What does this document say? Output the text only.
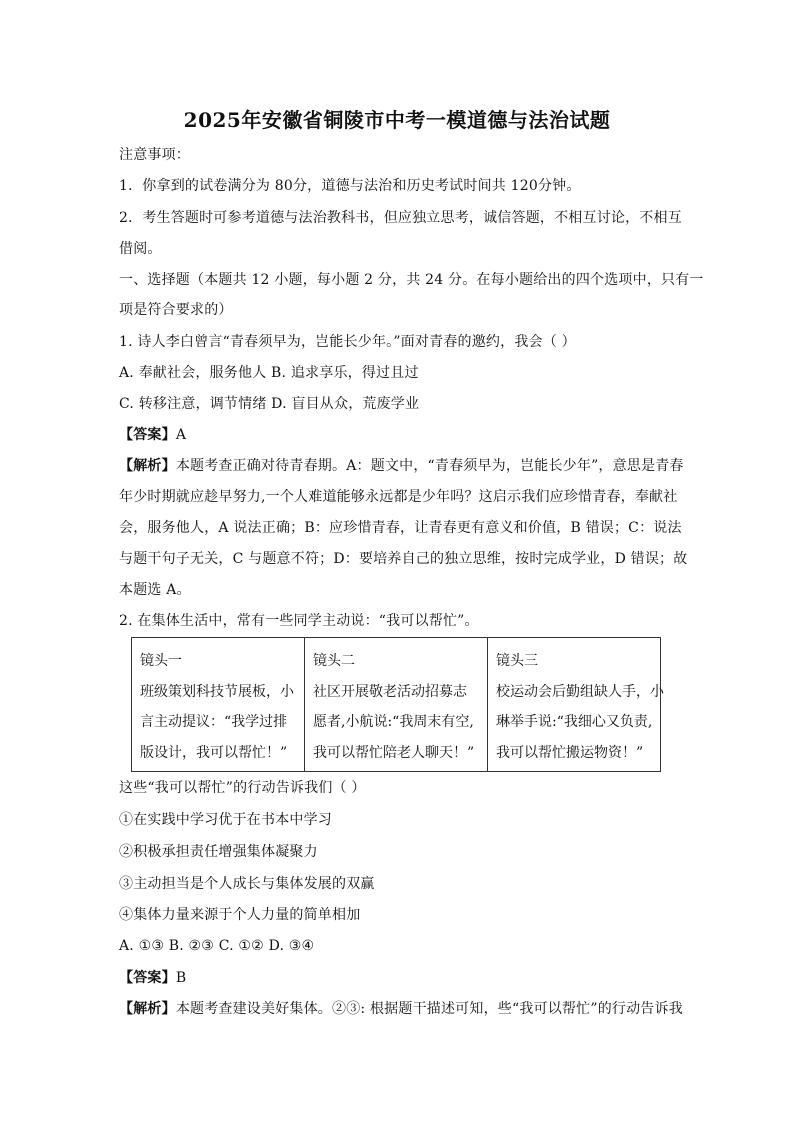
2025年安徽省铜陵市中考一模道德与法治试题
注意事项：
1．你拿到的试卷满分为 80分，道德与法治和历史考试时间共 120分钟。
2．考生答题时可参考道德与法治教科书，但应独立思考，诚信答题，不相互讨论，不相互
借阅。
一、选择题（本题共 12 小题，每小题 2 分，共 24 分。在每小题给出的四个选项中，只有一
项是符合要求的）
1. 诗人李白曾言“青春须早为，岂能长少年。”面对青春的邀约，我会（ ）
A. 奉献社会，服务他人 B. 追求享乐，得过且过
C. 转移注意，调节情绪 D. 盲目从众，荒废学业
【答案】A
【解析】本题考查正确对待青春期。A：题文中，“青春须早为，岂能长少年”，意思是青春
年少时期就应趁早努力,一个人难道能够永远都是少年吗？这启示我们应珍惜青春，奉献社
会，服务他人，A 说法正确；B：应珍惜青春，让青春更有意义和价值，B 错误；C：说法
与题干句子无关，C 与题意不符；D：要培养自己的独立思维，按时完成学业，D 错误；故
本题选 A。
2. 在集体生活中，常有一些同学主动说：“我可以帮忙”。
镜头一
班级策划科技节展板，小
言主动提议：“我学过排
版设计，我可以帮忙！”

镜头二
社区开展敬老活动招募志
愿者,小航说:“我周末有空,
我可以帮忙陪老人聊天！”

镜头三
校运动会后勤组缺人手，小
琳举手说:“我细心又负责,
我可以帮忙搬运物资！”
这些“我可以帮忙”的行动告诉我们（ ）
①在实践中学习优于在书本中学习
②积极承担责任增强集体凝聚力
③主动担当是个人成长与集体发展的双赢
④集体力量来源于个人力量的简单相加
A. ①③ B. ②③ C. ①② D. ③④
【答案】B
【解析】本题考查建设美好集体。②③: 根据题干描述可知，些“我可以帮忙”的行动告诉我
